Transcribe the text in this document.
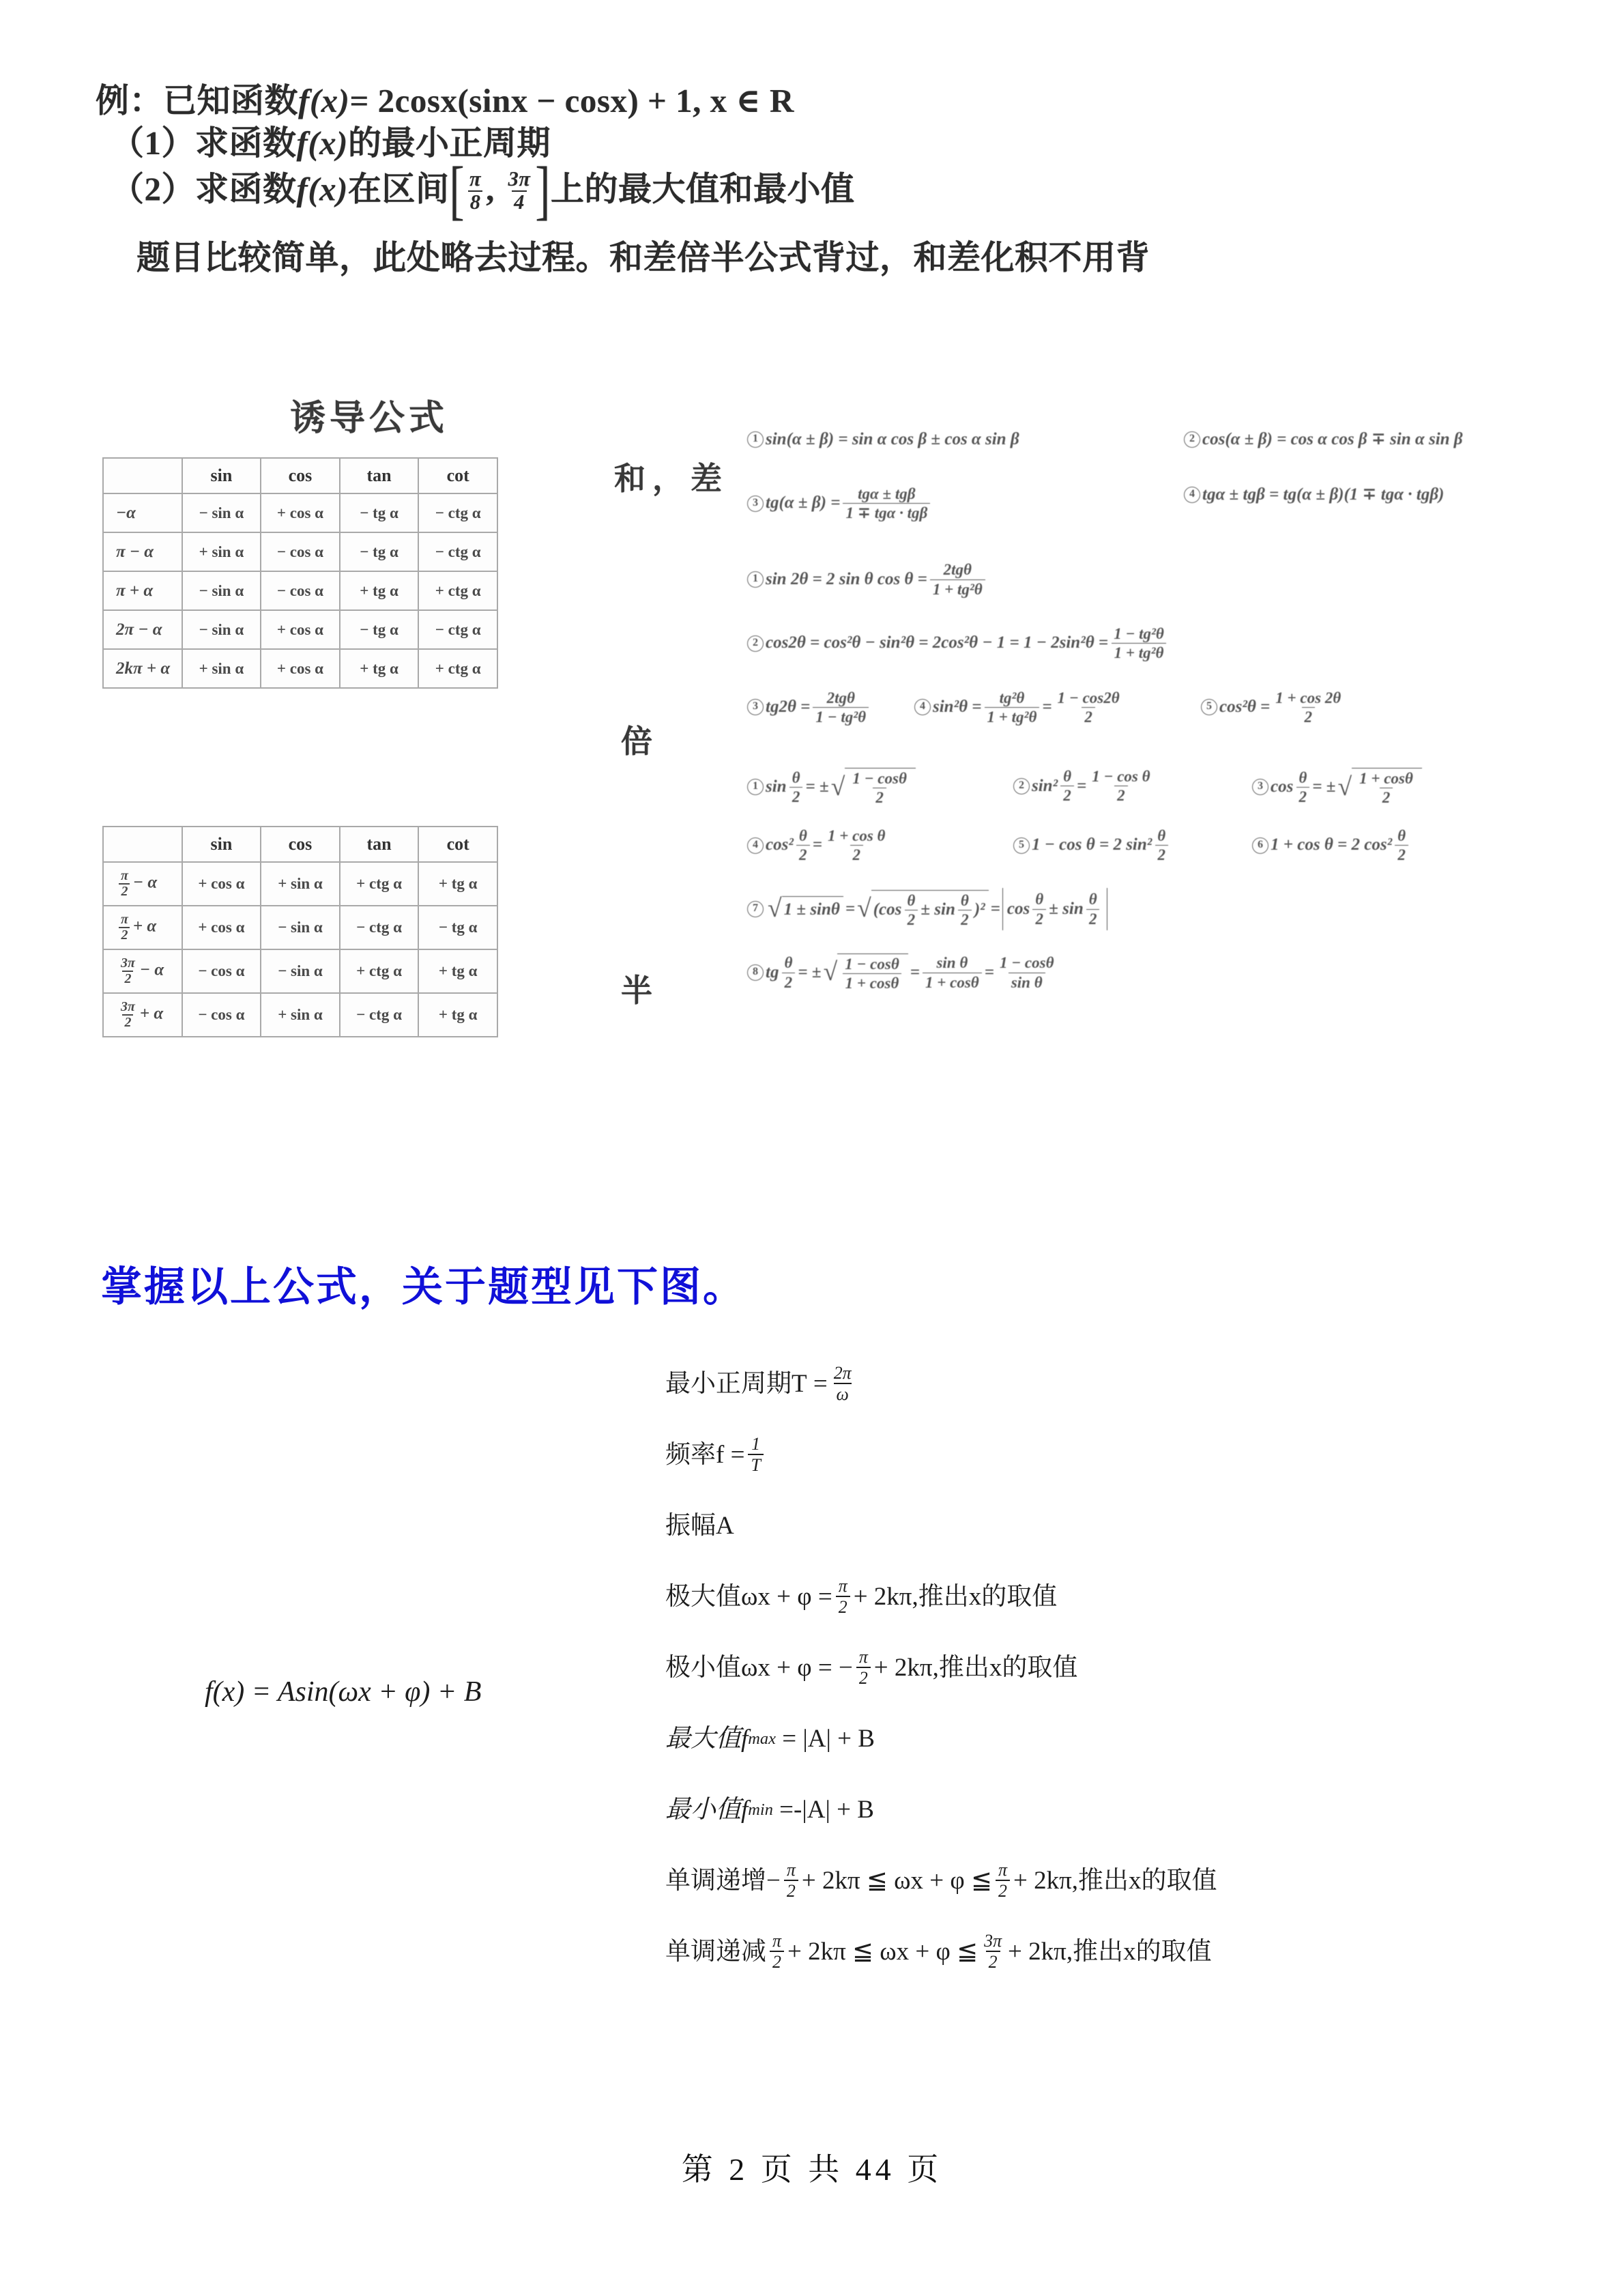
例：已知函数f(x)= 2cosx(sinx − cosx) + 1, x ∈ R
（1）求函数f(x)的最小正周期
（2）求函数f(x)在区间[ $\frac{\pi}{8}$ , $\frac{3\pi}{4}$ ]上的最大值和最小值
题目比较简单，此处略去过程。和差倍半公式背过，和差化积不用背
诱导公式
	sin	cos	tan	cot
−α	− sin α	+ cos α	− tg α	− ctg α
π − α	+ sin α	− cos α	− tg α	− ctg α
π + α	− sin α	− cos α	+ tg α	+ ctg α
2π − α	− sin α	+ cos α	− tg α	− ctg α
2kπ + α	+ sin α	+ cos α	+ tg α	+ ctg α
	sin	cos	tan	cot

$\frac{\pi}{2} - \alpha$	+ cos α	+ sin α	+ ctg α	+ tg α

$\frac{\pi}{2} + \alpha$	+ cos α	− sin α	− ctg α	− tg α

$\frac{3\pi}{2} - \alpha$	− cos α	− sin α	+ ctg α	+ tg α

$\frac{3\pi}{2} + \alpha$	− cos α	+ sin α	− ctg α	+ tg α
和，差
倍
半
1 sin(α ± β) = sin α cos β ± cos α sin β	2 cos(α ± β) = cos α cos β ∓ sin α sin β
3 $tg(\alpha \pm \beta) = \frac{\text{tgα ± tgβ}}{\text{1 ∓ tgα · tgβ}}$	4 tgα ± tgβ = tg(α ± β)(1 ∓ tgα · tgβ)
1 sin 2θ = 2 sin θ $\cos \theta = \frac{\text{2tgθ}}{\text{1 + tg²θ}}$
2 $\cos 2\theta = \cos^2\theta - \sin^2\theta = 2\cos^2\theta - 1 = 1 - 2\sin^2\theta = \frac{\text{1 − tg²θ}}{\text{1 + tg²θ}}$
3 $tg2\theta = \frac{\text{2tgθ}}{\text{1 − tg²θ}}$	4 $\sin^2\theta = \frac{\text{tg²θ}}{\text{1 + tg²θ}} = \frac{1 - \cos 2\theta}{2}$	5 $\cos^2\theta = \frac{1 + \cos 2\theta}{2}$
1 $\sin \frac{\theta}{2}$ = ± √ $\frac{1 - \cos\theta}{2}$	2 $\sin^2 \frac{\theta}{2} = \frac{\text{1 − cos θ}}{2}$	3 $\cos \frac{\theta}{2}$ = ± √ $\frac{1 + \cos\theta}{2}$
4 $\cos^2 \frac{\theta}{2} = \frac{\text{1 + cos θ}}{2}$	5 1 − cos θ = 2 $\sin^2 \frac{\theta}{2}$	6 1 + cos θ = 2 $\cos^2 \frac{\theta}{2}$
7 √ 1 ± sinθ = √ $(\cos \frac{\theta}{2} \pm \sin \frac{\theta}{2} )^2 = \cos \frac{\theta}{2} \pm \sin \frac{\theta}{2}$
8 tg $\frac{\theta}{2}$ = ± √ $\frac{1 - \cos\theta}{1 + \cos\theta} = \frac{\text{sin θ}}{1 + \cos\theta} = \frac{1 - \cos\theta}{\text{sin θ}}$
掌握以上公式，关于题型见下图。
f(x) = Asin(ωx + φ) + B
最小正周期T
= $\frac{2\pi}{\omega}$
频率f
= $\frac{1}{T}$
振幅A
极大值ωx + φ
= $\frac{\pi}{2} + 2k\pi$,推出x的取值
极小值ωx + φ
= − $\frac{\pi}{2} + 2k\pi$,推出x的取值
最大值f max
= |A| + B
最小值f min
=-|A| + B
单调递增− $\frac{\pi}{2} + 2k\pi$ ≦ ωx + φ ≦ $\frac{\pi}{2} + 2k\pi$,推出x的取值
单调递减 $\frac{\pi}{2} + 2k\pi$ ≦ ωx + φ ≦ $\frac{3\pi}{2} + 2k\pi$,推出x的取值
第 2 页 共 44 页
